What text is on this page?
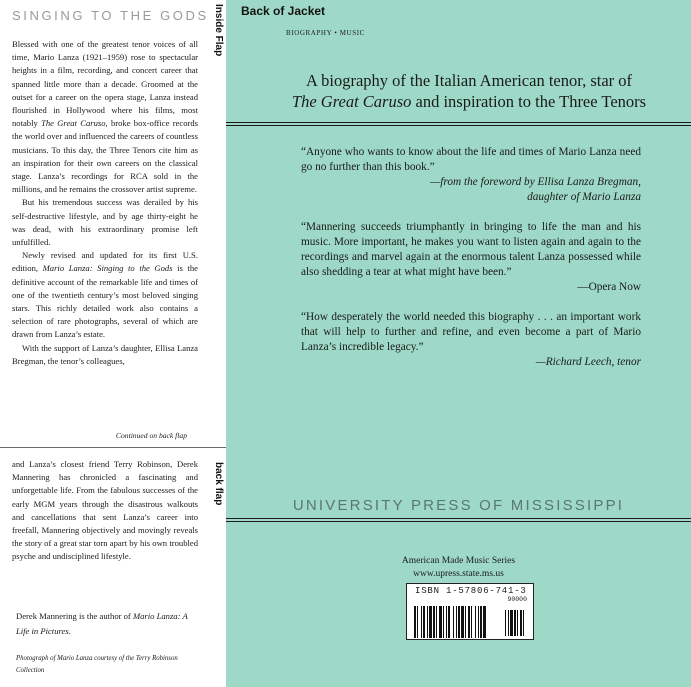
SINGING TO THE GODS

Blessed with one of the greatest tenor voices of all time, Mario Lanza (1921–1959) rose to spectacular heights in a film, recording, and concert career that spanned little more than a decade. Groomed at the outset for a career on the opera stage, Lanza instead flourished in Hollywood where his films, most notably The Great Caruso, broke box-office records the world over and influenced the careers of countless musicians. To this day, the Three Tenors cite him as an inspiration for their own careers on the classical stage. Lanza’s recordings for RCA sold in the millions, and he remains the crossover artist supreme.

But his tremendous success was derailed by his self-destructive lifestyle, and by age thirty-eight he was dead, with his extraordinary promise left unfulfilled.

Newly revised and updated for its first U.S. edition, Mario Lanza: Singing to the Gods is the definitive account of the remarkable life and times of one of the twentieth century’s most beloved singing stars. This richly detailed work also contains a selection of rare photographs, several of which are drawn from Lanza’s estate.

With the support of Lanza’s daughter, Ellisa Lanza Bregman, the tenor’s colleagues,

Continued on back flap
Inside Flap

and Lanza’s closest friend Terry Robinson, Derek Mannering has chronicled a fascinating and unforgettable life. From the fabulous successes of the early MGM years through the disastrous walkouts and cancellations that sent Lanza’s career into freefall, Mannering objectively and movingly reveals the story of a great star torn apart by his own troubled psyche and undisciplined lifestyle.

Derek Mannering is the author of Mario Lanza: A Life in Pictures.
Photograph of Mario Lanza courtesy of the Terry Robinson Collection
back flap
Back of Jacket
BIOGRAPHY • MUSIC
A biography of the Italian American tenor, star of
The Great Caruso and inspiration to the Three Tenors

“Anyone who wants to know about the life and times of Mario Lanza need go no further than this book.”

—from the foreword by Ellisa Lanza Bregman,

daughter of Mario Lanza

“Mannering succeeds triumphantly in bringing to life the man and his music. More important, he makes you want to listen again and again to the recordings and marvel again at the enormous talent Lanza possessed while also shedding a tear at what might have been.”

—Opera Now

“How desperately the world needed this biography . . . an important work that will help to further and refine, and even become a part of Mario Lanza’s incredible legacy.”

—Richard Leech, tenor

UNIVERSITY PRESS OF MISSISSIPPI
American Made Music Series
www.upress.state.ms.us
ISBN 1-57806-741-3
90000
